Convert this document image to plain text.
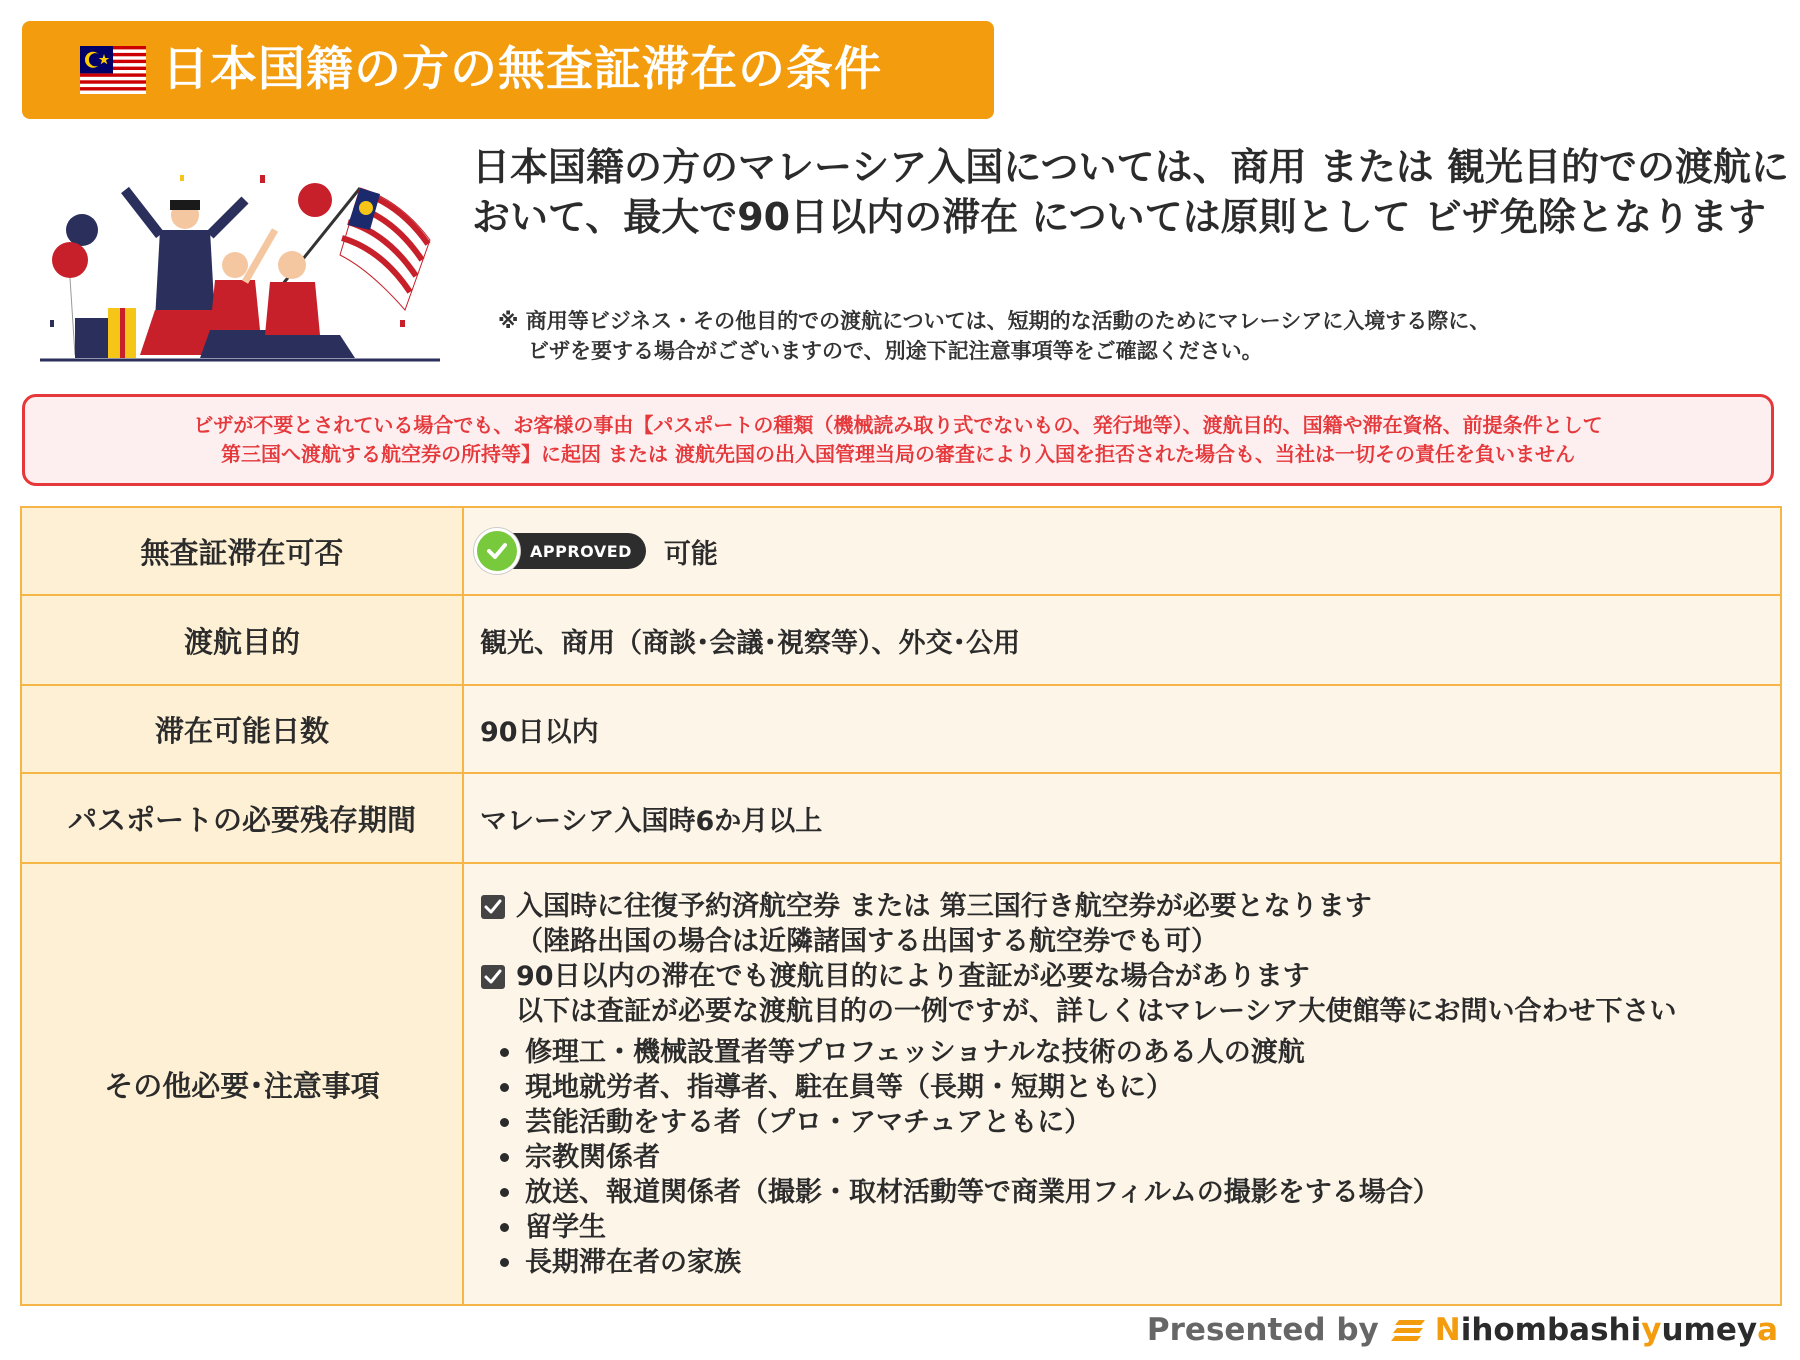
日本国籍の方の無査証滞在の条件
日本国籍の方のマレーシア入国については、商用 または 観光目的での渡航において、最大で90日以内の滞在 については原則として ビザ免除となります
※ 商用等ビジネス・その他目的での渡航については、短期的な活動のためにマレーシアに入境する際に、
ビザを要する場合がございますので、別途下記注意事項等をご確認ください。
ビザが不要とされている場合でも、お客様の事由【パスポートの種類（機械読み取り式でないもの、発行地等）、渡航目的、国籍や滞在資格、前提条件として
第三国へ渡航する航空券の所持等】に起因 または 渡航先国の出入国管理当局の審査により入国を拒否された場合も、当社は一切その責任を負いません
無査証滞在可否	APPROVED 可能
渡航目的	観光、商用（商談･会議･視察等）、外交･公用
滞在可能日数	90日以内
パスポートの必要残存期間	マレーシア入国時6か月以上
その他必要･注意事項
入国時に往復予約済航空券 または 第三国行き航空券が必要となります
（陸路出国の場合は近隣諸国する出国する航空券でも可）
90日以内の滞在でも渡航目的により査証が必要な場合があります
以下は査証が必要な渡航目的の一例ですが、詳しくはマレーシア大使館等にお問い合わせ下さい
修理工・機械設置者等プロフェッショナルな技術のある人の渡航
現地就労者、指導者、駐在員等（長期・短期ともに）
芸能活動をする者（プロ・アマチュアともに）
宗教関係者
放送、報道関係者（撮影・取材活動等で商業用フィルムの撮影をする場合）
留学生
長期滞在者の家族
Presented by Nihombashiyumeya
